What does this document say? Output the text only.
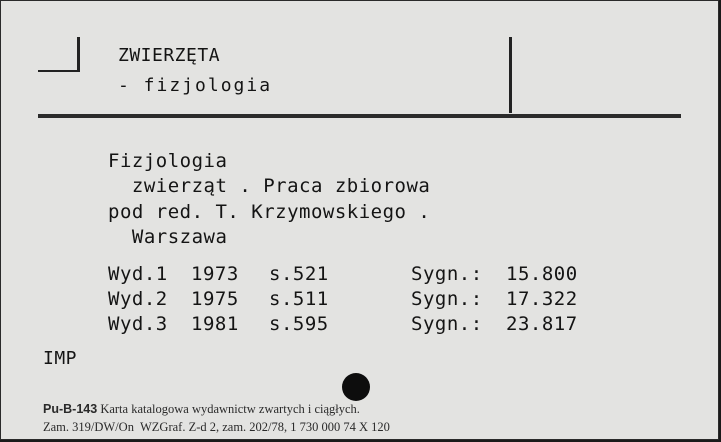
ZWIERZĘTA
- fizjologia
Fizjologia
zwierząt . Praca zbiorowa
pod red. T. Krzymowskiego .
Warszawa
Wyd.1 1973 s.521	Sygn.: 15.800
Wyd.2 1975 s.511	Sygn.: 17.322
Wyd.3 1981 s.595	Sygn.: 23.817
IMP
Pu-B-143 Karta katalogowa wydawnictw zwartych i ciągłych.
Zam. 319/DW/On  WZGraf. Z-d 2, zam. 202/78, 1 730 000 74 X 120
